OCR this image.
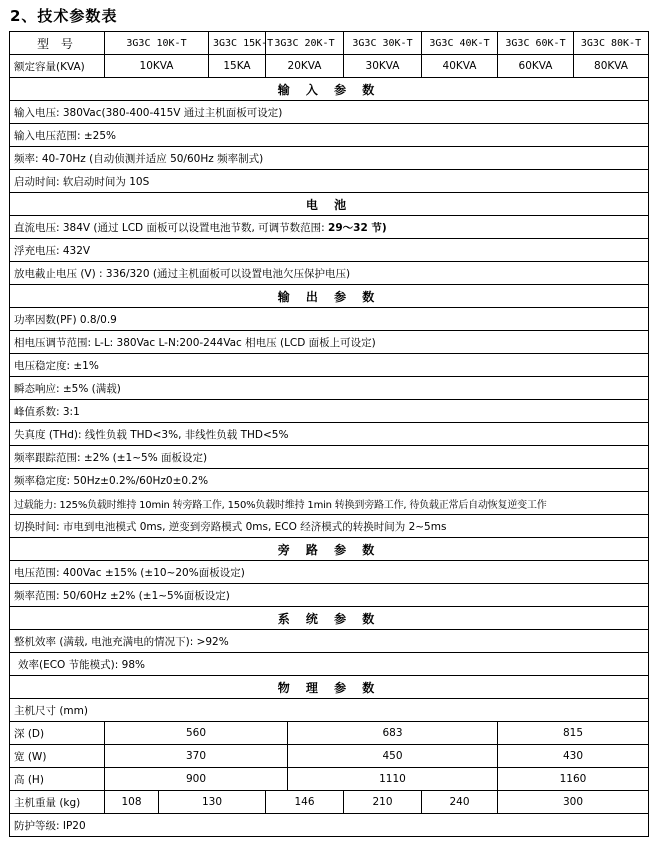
2、技术参数表
型 号	3G3C 10K-T		3G3C 15K-T	3G3C 20K-T		3G3C 30K-T	3G3C 40K-T	3G3C 60K-T	3G3C 80K-T	
额定容量(KVA)	10KVA		15KA	20KVA		30KVA	40KVA	60KVA	80KVA	
输 入 参 数										
输入电压: 380Vac(380-400-415V 通过主机面板可设定)										
输入电压范围: ±25%										
频率: 40-70Hz (自动侦测并适应 50/60Hz 频率制式)										
启动时间: 软启动时间为 10S										
电 池										
直流电压: 384V (通过 LCD 面板可以设置电池节数, 可调节数范围: 29〜32 节)										
浮充电压: 432V										
放电截止电压 (V) : 336/320 (通过主机面板可以设置电池欠压保护电压)										
输 出 参 数										
功率因数(PF) 0.8/0.9										
相电压调节范围: L-L: 380Vac L-N:200-244Vac 相电压 (LCD 面板上可设定)										
电压稳定度: ±1%										
瞬态响应: ±5% (满载)										
峰值系数: 3:1										
失真度 (THd): 线性负载 THD<3%, 非线性负载 THD<5%										
频率跟踪范围: ±2% (±1~5% 面板设定)										
频率稳定度: 50Hz±0.2%/60Hz0±0.2%										
过载能力: 125%负载时维持 10min 转旁路工作, 150%负载时维持 1min 转换到旁路工作, 待负载正常后自动恢复逆变工作										
切换时间: 市电到电池模式 0ms, 逆变到旁路模式 0ms, ECO 经济模式的转换时间为 2~5ms										
旁 路 参 数										
电压范围: 400Vac ±15% (±10~20%面板设定)										
频率范围: 50/60Hz ±2% (±1~5%面板设定)										
系 统 参 数										
整机效率 (满载, 电池充满电的情况下): >92%										
效率(ECO 节能模式): 98%										
物 理 参 数										
主机尺寸 (mm)										
深 (D)	560				683			815		
宽 (W)	370				450			430		
高 (H)	900				1110			1160		
主机重量 (kg)	108	130		146		210	240	300	
防护等级: IP20										
